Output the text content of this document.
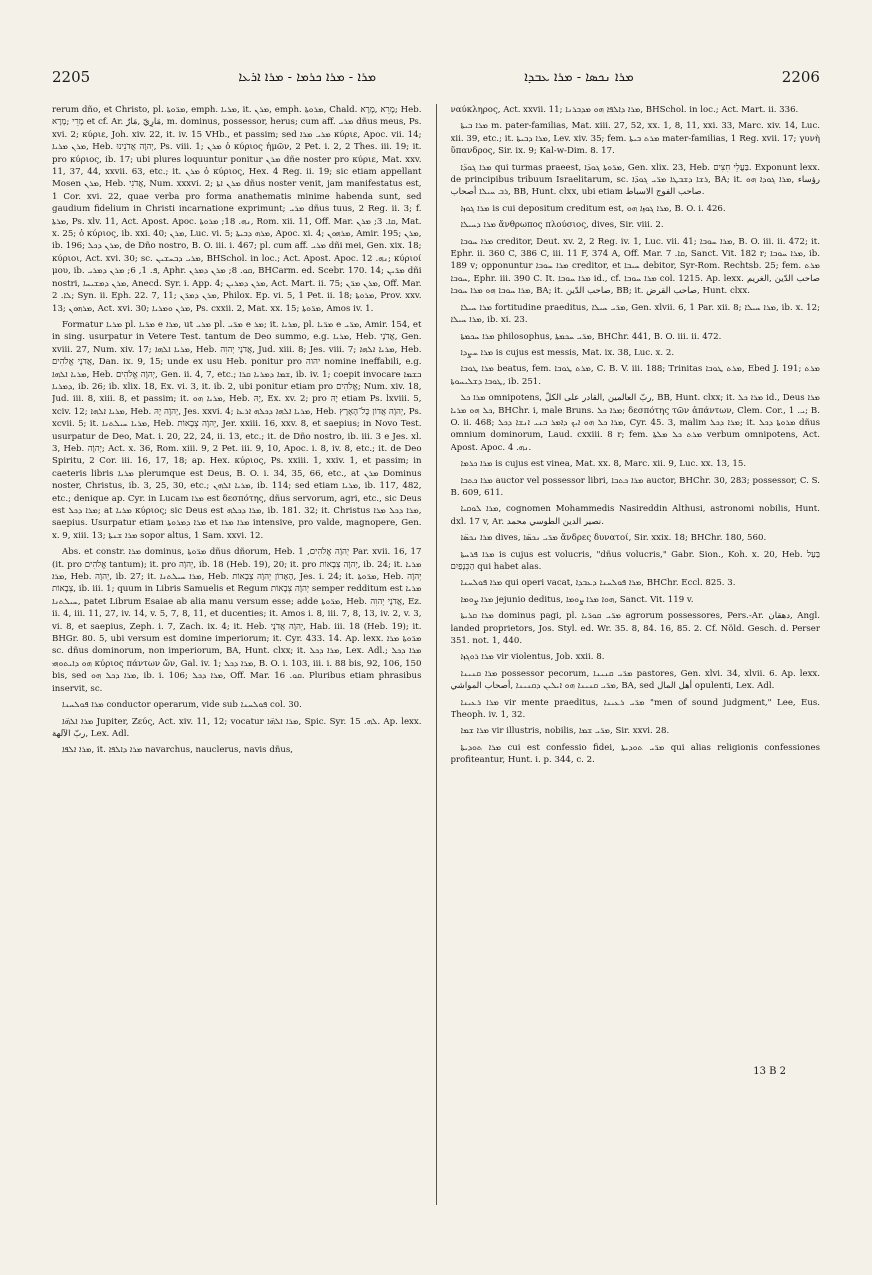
2205	ܡܪܐ - ܡܪܐ ܟܪܡܐ - ܡܪܐ ܐܪܥܐ	ܡܪܐ ܢܟܣܐ - ܡܪܐ ܥܒܕܐ	2206

rerum dño, et Christo, pl. ܡܪ̈ܘܬܐ, emph. ܡܪܝܐ, it. ܡܪܢ, emph. ܡܪܘܬܐ, Chald. מָרֵא ,מָרָא; Heb. מָרֵי ;מָרָא et cf. Ar. مَارِيّ ,مَارٌ, m. dominus, possessor, herus; cum aff. ܡܪܝ dñus meus, Ps. xvi. 2; κύριε, Joh. xiv. 22, it. iv. 15 VHb., et passim; sed ܡܪܝ ܡܪܐ κύριε, Apoc. vii. 14; ܡܪܢ ܡܪܝܐ, Heb. יְהוָֹה אֲדֹנֵינוּ, Ps. viii. 1; ܡܪܢ ὁ κύριος ἡμῶν, 2 Pet. i. 2, 2 Thes. iii. 19; it. pro κύριος, ib. 17; ubi plures loquuntur ponitur ܡܪܢ dñe noster pro κύριε, Mat. xxv. 11, 37, 44, xxvii. 63, etc.; it. ܡܪܢ ὁ κύριος, Hex. 4 Reg. ii. 19; sic etiam appellant Mosen ܡܪܢ, Heb. אֲדֹנִי, Num. xxxvi. 2; ܡܪܢ ܐܬܐ dñus noster venit, jam manifestatus est, 1 Cor. xvi. 22, quae verba pro forma anathematis minime habenda sunt, sed gaudium fidelium in Christi incarnatione exprimunt; ܡܪܝ dñus tuus, 2 Reg. ii. 3; f. ܡܪܬܐ, Ps. xlv. 11, Act. Apost. Apoc. ܢܗ. 18; ܡܪܘܬܐ, Rom. xii. 11, Off. Mar. ܩܐ. 3; ܡܪܢ, Mat. x. 25; ὁ κύριος, ib. xxi. 40; ܡܪܢ, Luc. vi. 5; ܡܪܗ ܕܒܝܬܐ, Apoc. xi. 4; ܡܪܗܘܢ, Amir. 195; ܡܪܢ, ib. 196; ܡܪܢ ܕܟܠ, de Dño nostro, B. O. iii. i. 467; pl. cum aff. ܡܪܝ dñi mei, Gen. xix. 18; κύριοι, Act. xvi. 30; sc. ܡܪܝ ܕܒܚܫܝܢ, BHSchol. in loc.; Act. Apost. Apoc. ܢܗ. 12; κύριοί μου, ib. ܦ. 1, 6; ܡܪܢ ܕܡܪܝ, Aphr. ܩܘ. 8; ܡܪܢ ܕܡܪܢ, BHCarm. ed. Scebr. 170. 14; ܡܪ̈ܝܢ dñi nostri, ܡܪܢ ܕܡܫܝܚܐ, Anecd. Syr. i. App. 4; ܡܪܢ ܕܡܪܝܢ, Act. Mart. ii. 75; ܡܪܢ ܡܪ̈ܢ, Off. Mar. ܠܐ. 2; Syn. ii. Eph. 22. 7, 11; ܡܪܢ ܕܡܪ̈ܢ, Philox. Ep. vi. 5, 1 Pet. ii. 18; ܡܪܘܬܐ, Prov. xxv. 13; ܡܪܗܘܢ, Act. xvi. 30; ܡܪܢ ܘܡܪܝܐ, Ps. cxxii. 2, Mat. xx. 15; ܡܪ̈ܘܬܐ, Amos iv. 1.

Formatur ܡܪܝܐ pl. ܡܪ̈ܝܐ e ܡܪܐ, ut ܡܪܝ pl. ܡܪ̈ܝ e ܡܪ; it. ܡܪܝܐ, pl. ܡܪ̈ܝܐ e ܡܪ̈ܝ, Amir. 154, et in sing. usurpatur in Vetere Test. tantum de Deo summo, e.g. ܡܪܝܐ, Heb. אֲדֹנָי, Gen. xviii. 27, Num. xiv. 17; ܡܪܝܐ ܐܠܗܐ, Heb. אֲדֹנָי יְהוִה, Jud. xiii. 8; Jes. viii. 7; ܡܪܝܐ ܐܠܗܐ, Heb. אֲדֹנָי אֱלֹהִים, Dan. ix. 9, 15; unde ex usu Heb. ponitur pro יהוה nomine ineffabili, e.g. ܡܪܝܐ ܐܠܗܐ, Heb. יְהוָֹה אֱלֹהִים, Gen. ii. 4, 7, etc.; ܫܡܐ ܕܡܪܝܐ ܩܪܐ, ib. iv. 1; coepit invocare ܒܫܡܐ ܕܡܪܝܐ, ib. 26; ib. xlix. 18, Ex. vi. 3, it. ib. 2, ubi ponitur etiam pro אֱלֹהִים; Num. xiv. 18, Jud. iii. 8, xiii. 8, et passim; it. ܡܪܝܐ ܗܘ, Heb. יָהּ, Ex. xv. 2; pro יָהּ etiam Ps. lxviii. 5, xciv. 12; ܡܪܝܐ ܐܠܗܐ, Heb. יְהוָֹה יָהּ, Jes. xxvi. 4; ܡܪܝܐ ܐܠܗܐ ܕܟܠܗ ܐܪܥܐ, Heb. יְהוָֹה אֲדוֹן כָּל־הָאָרֶץ, Ps. xcvii. 5; it. ܡܪܝܐ ܚܝܠܬܢܐ, Heb. יְהוָֹה צְבָאוֹת, Jer. xxiii. 16, xxv. 8, et saepius; in Novo Test. usurpatur de Deo, Mat. i. 20, 22, 24, ii. 13, etc.; it. de Dño nostro, ib. iii. 3 e Jes. xl. 3, Heb. יְהוָֹה; Act. x. 36, Rom. xiii. 9, 2 Pet. iii. 9, 10, Apoc. i. 8, iv. 8, etc.; it. de Deo Spiritu, 2 Cor. iii. 16, 17, 18; ap. Hex. κύριος, Ps. xxiii. 1, xxiv. 1, et passim; in caeteris libris ܡܪܝܐ plerumque est Deus, B. O. i. 34, 35, 66, etc., at ܡܪܢ Dominus noster, Christus, ib. 3, 25, 30, etc.; ܡܪܝܐ ܐܠܗܢ, ib. 114; sed etiam ܡܪܝܐ, ib. 117, 482, etc.; denique ap. Cyr. in Lucam ܡܪܐ est δεσπότης, dñus servorum, agri, etc., sic Deus est ܡܪܐ ܕܟܠ; at ܡܪܝܐ κύριος; sic Deus est ܡܪܐ ܕܟܠܗ, ib. 181. 32; it. Christus ܡܪܐ ܕܟܠ ܡܪܐ, saepius. Usurpatur etiam ܡܪܐ ܕܡܪܘܬܐ et ܡܪܐ ܡܪܐ intensive, pro valde, magnopere, Gen. x. 9, xiii. 13; ܡܪܐ ܫܢܬܐ sopor altus, 1 Sam. xxvi. 12.

Abs. et constr. ܡܪܐ dominus, ܡܪ̈ܘܬܐ dñus dñorum, Heb. יְהוָֹה אֱלֹהִים, 1 Par. xvii. 16, 17 (it. pro אֱלֹהִים tantum); it. pro יְהוָֹה, ib. 18 (Heb. 19), 20; it. pro יְהוָֹה צְבָאוֹת, ib. 24; it. ܡܪܝܐ ܡܪܐ, Heb. יְהוָֹה, ib. 27; it. ܡܪܐ ܚܝܠܬܢܐ, Heb. הָאָדוֹן יְהוָֹה צְבָאוֹת, Jes. i. 24; it. ܡܪ̈ܘܬܐ, Heb. יְהוָֹה צְבָאוֹת, ib. iii. 1; quum in Libris Samuelis et Regum יְהוָֹה צְבָאוֹת semper redditum est ܡܪܝܐ ܚܝܠܬܢܐ, patet Librum Esaiae ab alia manu versum esse; adde ܡܪ̈ܘܬܐ, Heb. אֲדֹנָי יְהוִה, Ez. ii. 4, iii. 11, 27, iv. 14, v. 5, 7, 8, 11, et ducenties; it. Amos i. 8, iii. 7, 8, 13, iv. 2, v. 3, vi. 8, et saepius, Zeph. i. 7, Zach. ix. 4; it. Heb. יְהוָֹה אֲדֹנָי, Hab. iii. 18 (Heb. 19); it. BHGr. 80. 5, ubi versum est domine imperiorum; it. Cyr. 433. 14. Ap. lexx. ܡܪ̈ܘܬܐ ܡܪܐ sc. dñus dominorum, non imperiorum, BA, Hunt. clxx; it. ܡܪܐ ܕܟܠ, Lex. Adl.; ܡܪܐ ܕܟܠ ܗܘ ܕܐܝܬܘܗܝ κύριος πάντων ὤν, Gal. iv. 1; ܡܪܐ ܕܟܠ, B. O. i. 103, iii. i. 88 bis, 92, 106, 150 bis, sed ܡܪܐ ܕܟܠ ܗܘ, ib. i. 106; ܡܪܐ ܕܟܠ, Off. Mar. ܩܘ. 16. Pluribus etiam phrasibus inservit, sc.

ܡܪܐ ܦܘܠܚܢܐ conductor operarum, vide sub ܦܘܠܚܢܐ col. 30.

ܡܪܐ ܐܠܗ̈ܐ Jupiter, Ζεύς, Act. xiv. 11, 12; vocatur ܡܪܐ ܐܠܗ̈ܐ, Spic. Syr. ܠܗ. 15. Ap. lexx. ربّ الآلهة, Lex. Adl.

ܡܪܐ ܐܠܦܐ, it. ܡܪܐ ܕܐܠܦܐ navarchus, nauclerus, navis dñus,

ναύκληρος, Act. xxvii. 11; ܡܪܐ ܕܐܠܦܐ ܗܘ ܡܕܒܪܢܐ, BHSchol. in loc.; Act. Mart. ii. 336.

ܡܪܐ ܒܝܬܐ m. pater-familias, Mat. xiii. 27, 52, xx. 1, 8, 11, xxi. 33, Marc. xiv. 14, Luc. xii. 39, etc.; it. ܡܪܐ ܕܒܝܬܐ, Lev. xiv. 35; fem. ܡܪܬ ܒܝܬܐ mater-familias, 1 Reg. xvii. 17; γυνὴ ὕπανδρος, Sir. ix. 9; Kal-w-Dim. 8. 17.

ܡܪܐ ܓܘܕ̈ܐ qui turmas praeest, ܡܪ̈ܘܬܐ ܓܘܕ̈ܐ, Gen. xlix. 23, Heb. בַּעֲלֵי חִצִּים. Exponunt lexx. de principibus tribuum Israelitarum, sc. ܪܫܐ ܕܫܒܛܐ ܡܪ̈ܝ ܓܘܕ̈ܐ, BA; it. رؤساء ,ܡܪܐ ܓܘܕܐ ܗܘ ܪܒ ܚܝܠܐ أصحاب, BB, Hunt. clxx, ubi etiam صاحب الفوج الاسباط.

ܡܪܐ ܓܘܙܐ is cui depositum creditum est, ܡܪܐ ܓܘܙܐ ܗܘ, B. O. i. 426.

ܡܪܐ ܕܚܝܠܐ ἄνθρωπος πλούσιος, dives, Sir. viii. 2.

ܡܪܐ ܚܘܒܐ creditor, Deut. xv. 2, 2 Reg. iv. 1, Luc. vii. 41; ܡܪܐ ܚܘܒܐ, B. O. iii. ii. 472; it. Ephr. ii. 360 C, 386 C, iii. 11 F, 374 A, Off. Mar. ܩܐ. 7, Sanct. Vit. 182 r; ܡܪܐ ܚܘܒܐ, ib. 189 v; opponuntur ܡܪܐ ܚܘܒܐ creditor, et ܚܝܒܐ debitor, Syr-Rom. Rechtsb. 25; fem. ܡܪܬ ܚܘܒܐ, Ephr. iii. 390 C. It. ܡܪܐ ܚܘܒܐ id., cf. ܡܪܐ ܚܘܒܐ col. 1215. Ap. lexx. صاحب الدّين ,الغريم ܡܪܐ ܚܘܒܐ ܗܘ ܡܪܐ ܚܘܒܐ, BA; it. صاحب الدّين, BB; it. صاحب القرض, Hunt. clxx.

ܡܪܐ ܚܝܠܐ fortitudine praeditus, ܡܪ̈ܝ ܚܝܠܐ, Gen. xlvii. 6, 1 Par. xii. 8; ܡܪܐ ܚܝܠܐ, ib. x. 12; ܡܪܐ ܚܝܠܐ, ib. xi. 23.

ܡܪܐ ܚܟܡܬܐ philosophus, ܡܪ̈ܝ ܚܟܡܬܐ, BHChr. 441, B. O. iii. ii. 472.

ܡܪܐ ܚܨܕܐ is cujus est messis, Mat. ix. 38, Luc. x. 2.

ܡܪܐ ܛܘܒܐ beatus, fem. ܡܪܬ ܛܘܒܐ, C. B. V. iii. 188; Trinitas ܡܪܬ ܛܘܒܐ, Ebed J. 191; ܡܪܬ ܛܘܒܐ ܕܫܠܝܚܘܬܐ, ib. 251.

ܡܪܐ ܟܠ omnipotens, ربّ العالمين ,القادر على الكلّ, BB, Hunt. clxx; it. ܡܪܐ ܟܠ id., Deus ܡܪܐ ܟܠ ܗܘ ܡܪܝܐ, BHChr. i, male Bruns. ܡܪܐ ܟܠ; δεσπότης τῶν ἁπάντων, Clem. Cor., ܝ. 1; B. O. ii. 468; ܡܪܐ ܟܠ ܗܘ ܐܝܟ ܕܐܡܪ ܒܢܝ ܐܢܫܐ ܕܟܠ, Cyr. 45. 3, malim ܡܪܐ ܕܟܠ; it. ܡܪܘܬܐ ܕܟܠ dñus omnium dominorum, Laud. cxxiii. 8 r; fem. ܡܪܬ ܟܠ ܡܠܬܐ verbum omnipotens, Act. Apost. Apoc. ܢܗ. 4.

ܡܪܐ ܟܪܡܐ is cujus est vinea, Mat. xx. 8, Marc. xii. 9, Luc. xx. 13, 15.

ܡܪܐ ܟܬܒܐ auctor vel possessor libri, ܡܪܐ ܟܬܒܐ auctor, BHChr. 30, 283; possessor, C. S. B. 609, 611.

ܡܪܐ ܠܘܩܝܐ, cognomen Mohammedis Nasireddin Althusi, astronomi nobilis, Hunt. dxl. 17 v, Ar. نصير الدين الطوسي محمد.

ܡܪܐ ܢܟܣ̈ܐ dives, ܡܪ̈ܝ ܢܟܣ̈ܐ ἄνδρες δυνατοί, Sir. xxix. 18; BHChr. 180, 560.

ܡܪܐ ܦܪܚܬܐ is cujus est volucris, "dñus volucris," Gabr. Sion., Koh. x. 20, Heb. בַּעַל הַכְּנָפַיִם qui habet alas.

ܡܪܐ ܦܘܠܚܢܐ qui operi vacat, ܡܪܐ ܦܘܠܚܢܐ ܕܥܒܕܐ, BHChr. Eccl. 825. 3.

ܡܪܐ ܨܘܡܐ jejunio deditus, ܗܘܐ ܡܪܐ ܨܘܡܐ, Sanct. Vit. 119 v.

ܡܪܐ ܩܪܝܬܐ dominus pagi, pl. ܡܪ̈ܝ ܩܘܪ̈ܝܐ agrorum possessores, Pers.-Ar. دهقان, Angl. landed proprietors, Jos. Styl. ed. Wr. 35. 8, 84. 16, 85. 2. Cf. Nöld. Gesch. d. Perser 351. not. 1, 440.

ܡܪܐ ܪܘܓܙܐ vir violentus, Job. xxii. 8.

ܡܪܐ ܩܢܝܢܐ possessor pecorum, ܡܪ̈ܝ ܩܢܝܢܐ pastores, Gen. xlvi. 34, xlvii. 6. Ap. lexx. ܡܪ̈ܝ ܩܢܝܢܐ ܗܘ ܐܝܠܝܢ ܕܩܢܝܢܐ ,أصحاب المواشي, BA, sed أهل المال opulenti, Lex. Adl.

ܡܪܐ ܪܥܝܢܐ vir mente praeditus, ܡܪ̈ܝ ܪܥܝܢܐ "men of sound judgment," Lee, Eus. Theoph. iv. 1, 32.

ܡܪܐ ܫܡܐ vir illustris, nobilis, ܡܪ̈ܝ ܫܡܐ, Sir. xxvi. 28.

ܡܪܐ ܬܘܕܝܬܐ cui est confessio fidei, ܡܪ̈ܝ ܬܘܕܝܬܐ qui alias religionis confessiones profiteantur, Hunt. i. p. 344, c. 2.

13 B 2
